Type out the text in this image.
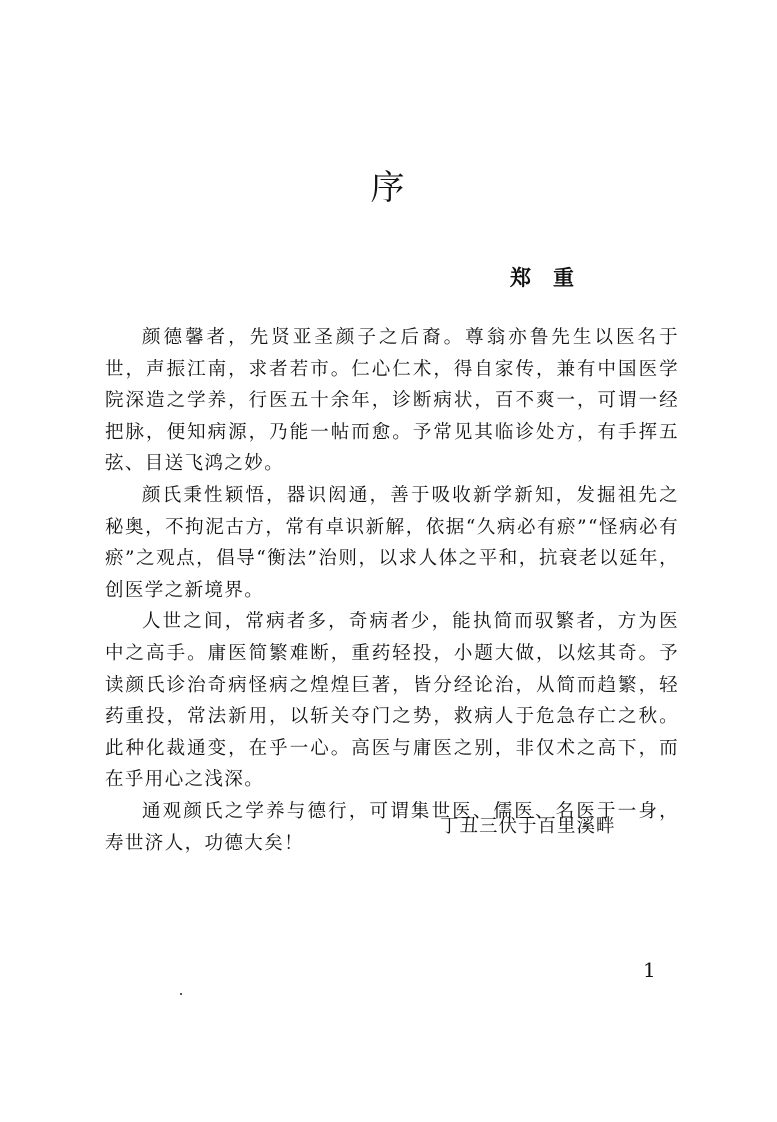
序
郑重

颜德馨者，先贤亚圣颜子之后裔。尊翁亦鲁先生以医名于世，声振江南，求者若市。仁心仁术，得自家传，兼有中国医学院深造之学养，行医五十余年，诊断病状，百不爽一，可谓一经把脉，便知病源，乃能一帖而愈。予常见其临诊处方，有手挥五弦、目送飞鸿之妙。

颜氏秉性颖悟，器识闳通，善于吸收新学新知，发掘祖先之秘奥，不拘泥古方，常有卓识新解，依据“久病必有瘀”“怪病必有瘀”之观点，倡导“衡法”治则，以求人体之平和，抗衰老以延年，创医学之新境界。

人世之间，常病者多，奇病者少，能执简而驭繁者，方为医中之高手。庸医简繁难断，重药轻投，小题大做，以炫其奇。予读颜氏诊治奇病怪病之煌煌巨著，皆分经论治，从简而趋繁，轻药重投，常法新用，以斩关夺门之势，救病人于危急存亡之秋。此种化裁通变，在乎一心。高医与庸医之别，非仅术之高下，而在乎用心之浅深。

通观颜氏之学养与德行，可谓集世医、儒医、名医于一身，寿世济人，功德大矣！

丁丑三伏于百里溪畔
1
